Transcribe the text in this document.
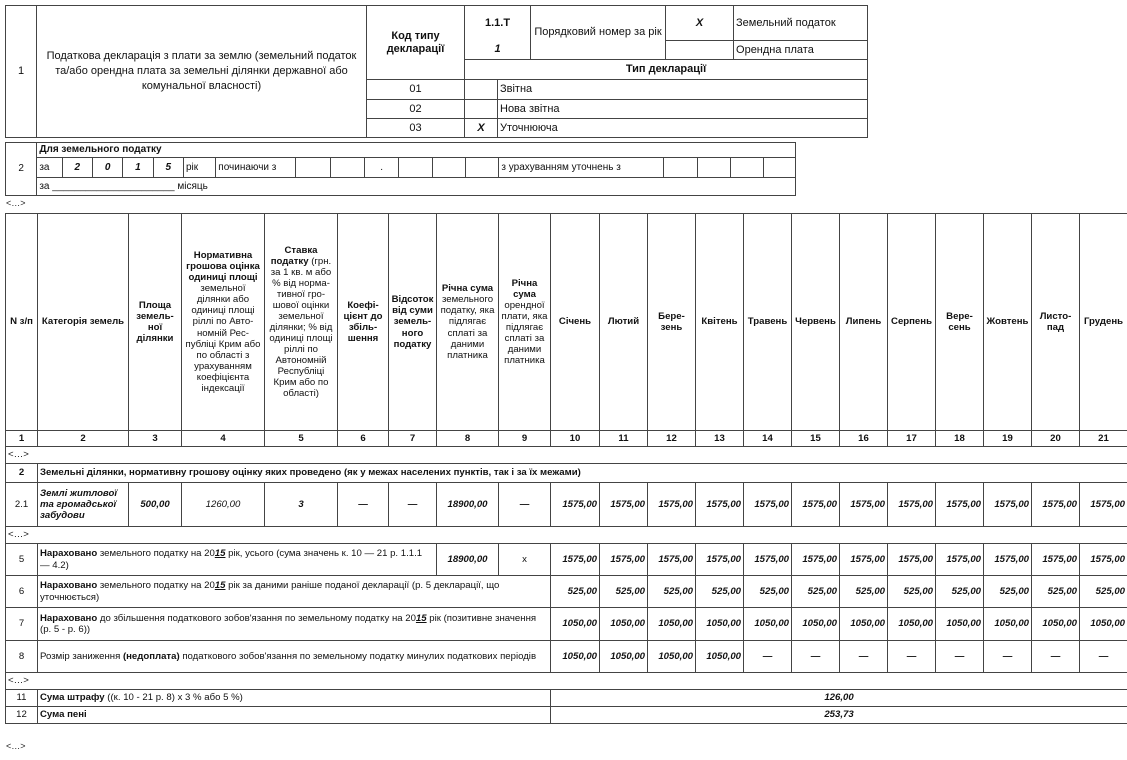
1	Податкова декларація з плати за землю (земельний податок та/або орендна плата за земельні ділянки державної або комунальної власності)	Код типу декларації	1.1.Т		Порядковий номер за рік	X	Земельний податок
			1				Орендна плата
			Тип декларації				
		01		Звітна			
		02		Нова звітна			
		03	X	Уточнююча			
2	Для земельного податку																	
	за	2	0	1	5	рік	починаючи з			.				з урахуванням уточнень з				
	за ______________________ місяць																	
<…>
N з/п	Категорія земель	Площа земельної ділянки	Нормативна грошова оцінка одиниці площі земельної ділянки або одиниці площі ріллі по Автономній Республіці Крим або по області з урахуванням коефіцієнта індексації	Ставка податку (грн. за 1 кв. м або % від нормативної грошової оцінки земельної ділянки; % від одиниці площі ріллі по Автономній Республіці Крим або по області)	Коефіцієнт до збільшення	Відсоток від суми земельного податку	Річна сума земельного податку, яка підлягає сплаті за даними платника	Річна сума орендної плати, яка підлягає сплаті за даними платника	Січень	Лютий	Березень	Квітень	Травень	Червень	Липень	Серпень	Вересень	Жовтень	Листопад	Грудень
1	2	3	4	5	6	7	8	9	10	11	12	13	14	15	16	17	18	19	20	21
<…>																				
2	Земельні ділянки, нормативну грошову оцінку яких проведено (як у межах населених пунктів, так і за їх межами)																			
2.1	Землі житлової та громадської забудови	500,00	1260,00	3	—	—	18900,00	—	1575,00	1575,00	1575,00	1575,00	1575,00	1575,00	1575,00	1575,00	1575,00	1575,00	1575,00	1575,00
<…>																				
5	Нараховано земельного податку на 2015 рік, усього (сума значень к. 10 — 21 р. 1.1.1 — 4.2)						18900,00	х	1575,00	1575,00	1575,00	1575,00	1575,00	1575,00	1575,00	1575,00	1575,00	1575,00	1575,00	1575,00
6	Нараховано земельного податку на 2015 рік за даними раніше поданої декларації (р. 5 декларації, що уточнюється)								525,00	525,00	525,00	525,00	525,00	525,00	525,00	525,00	525,00	525,00	525,00	525,00
7	Нараховано до збільшення податкового зобов'язання по земельному податку на 2015 рік (позитивне значення (р. 5 - р. 6))								1050,00	1050,00	1050,00	1050,00	1050,00	1050,00	1050,00	1050,00	1050,00	1050,00	1050,00	1050,00
8	Розмір заниження (недоплата) податкового зобов'язання по земельному податку минулих податкових періодів								1050,00	1050,00	1050,00	1050,00	—	—	—	—	—	—	—	—
<…>																				
11	Сума штрафу ((к. 10 - 21 р. 8) х 3 % або 5 %)								126,00											
12	Сума пені								253,73											
<…>
